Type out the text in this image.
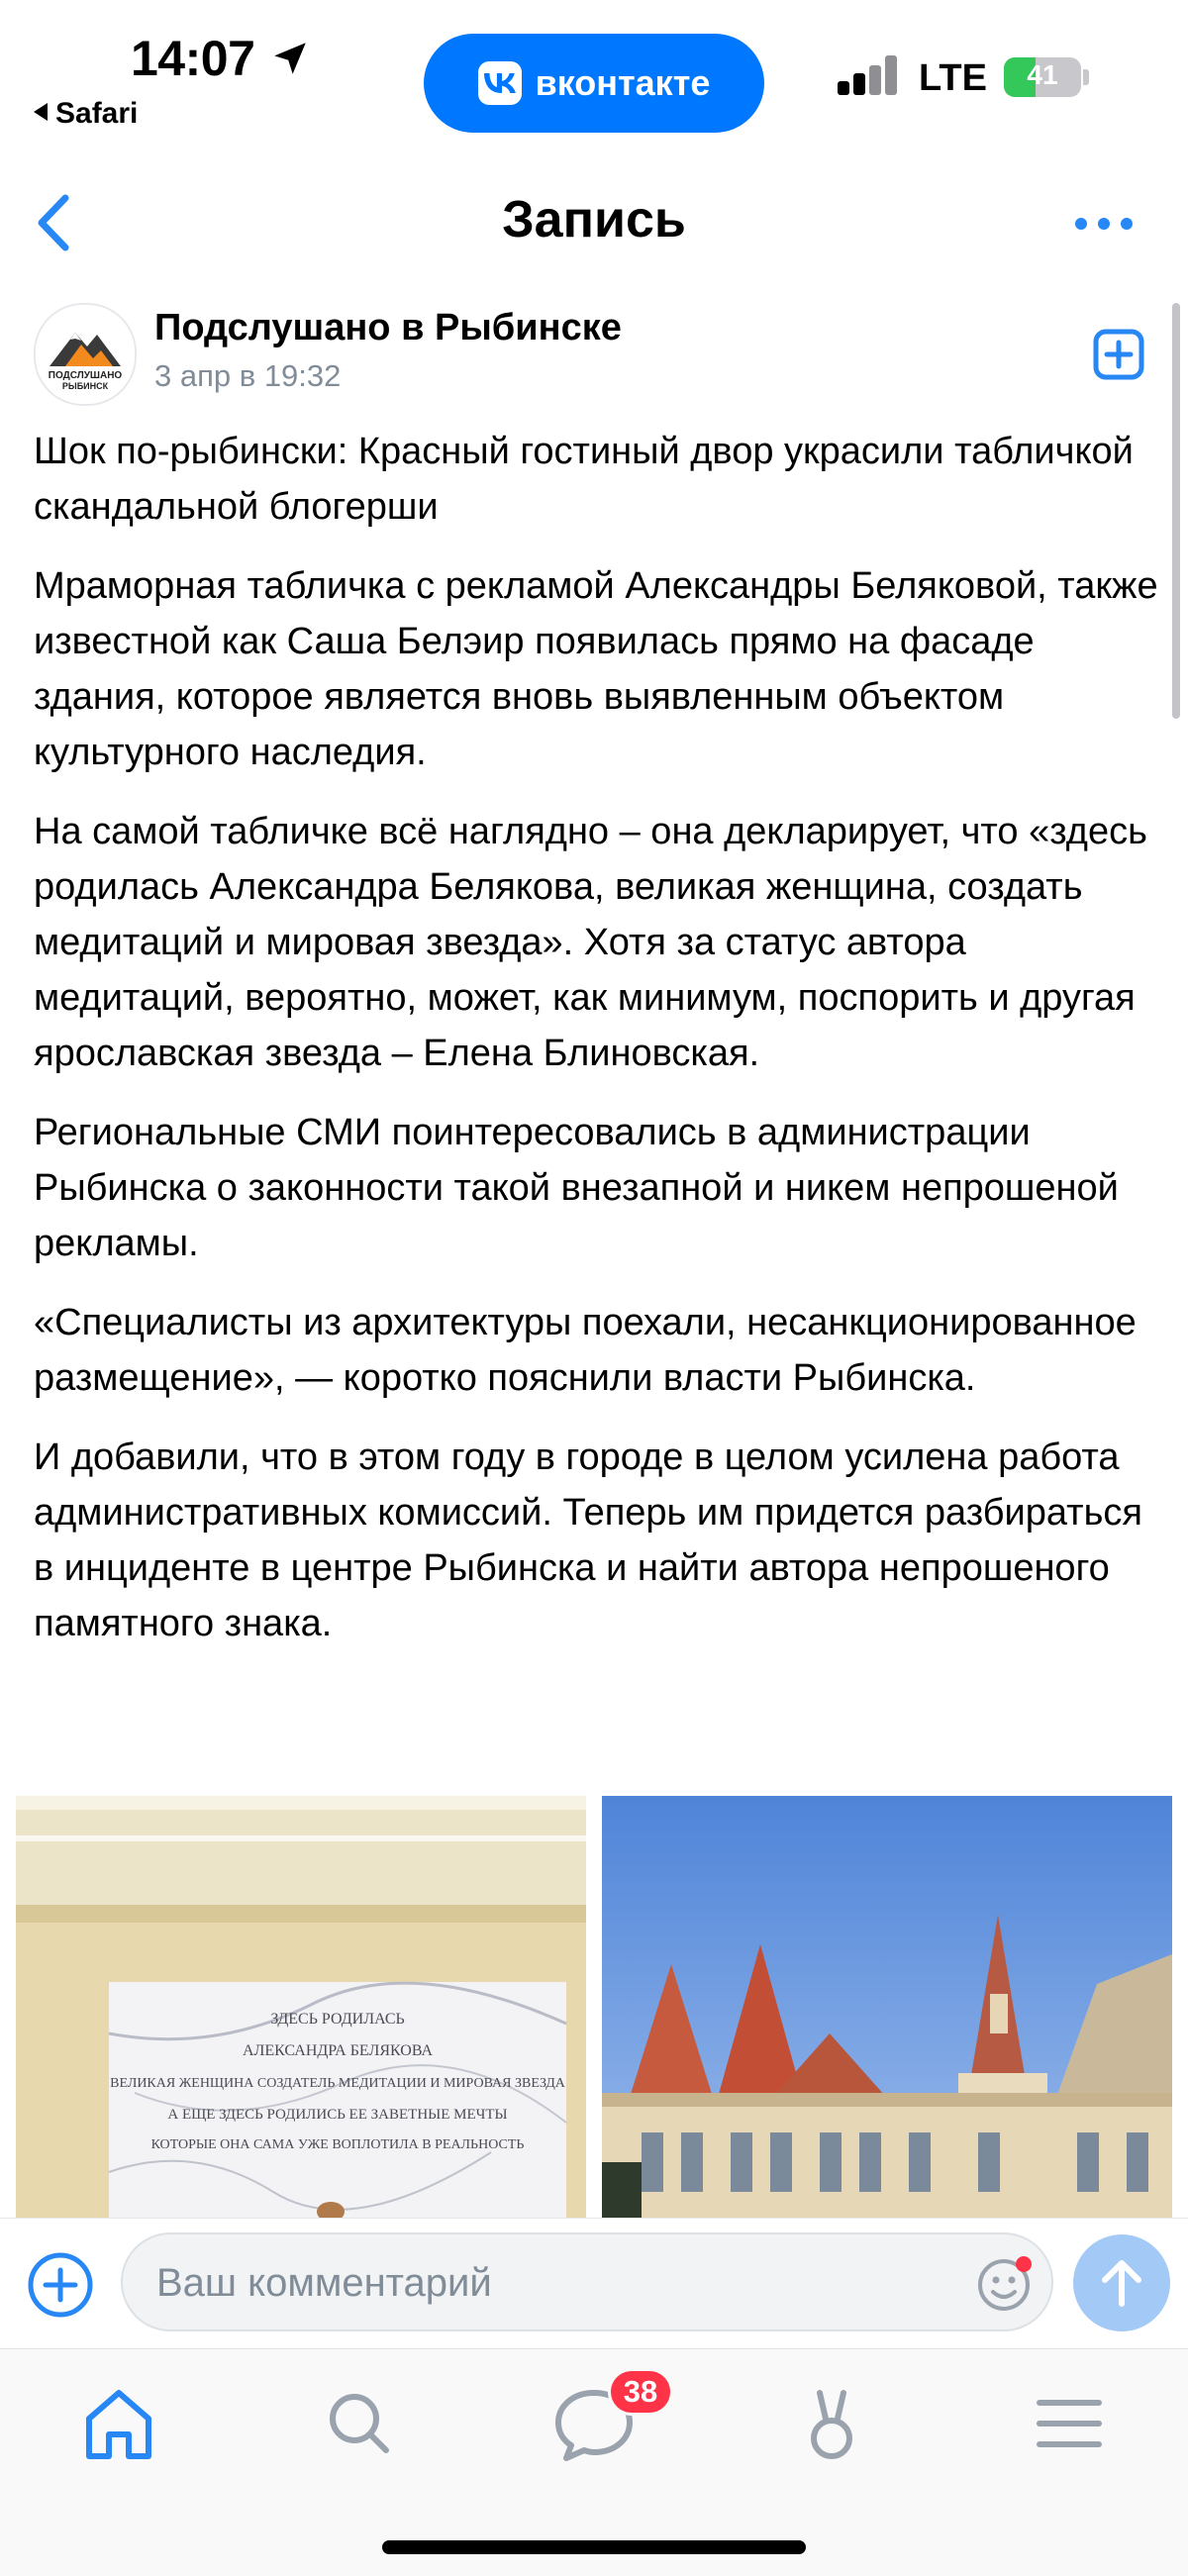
14:07
Safari
вконтакте	LTE	41
Запись
ПОДСЛУШАНО
РЫБИНСК
Подслушано в Рыбинске
3 апр в 19:32

Шок по-рыбински: Красный гостиный двор украсили табличкой скандальной блогерши

Мраморная табличка с рекламой Александры Беляковой, также известной как Саша Белэир появилась прямо на фасаде здания, которое является вновь выявленным объектом культурного наследия.

На самой табличке всё наглядно – она декларирует, что «здесь родилась Александра Белякова, великая женщина, создать медитаций и мировая звезда». Хотя за статус автора медитаций, вероятно, может, как минимум, поспорить и другая ярославская звезда – Елена Блиновская.

Региональные СМИ поинтересовались в администрации Рыбинска о законности такой внезапной и никем непрошеной рекламы.

«Специалисты из архитектуры поехали, несанкционированное размещение», — коротко пояснили власти Рыбинска.

И добавили, что в этом году в городе в целом усилена работа административных комиссий. Теперь им придется разбираться в инциденте в центре Рыбинска и найти автора непрошеного памятного знака.

ЗДЕСЬ РОДИЛАСЬ
АЛЕКСАНДРА БЕЛЯКОВА
ВЕЛИКАЯ ЖЕНЩИНА СОЗДАТЕЛЬ МЕДИТАЦИИ И МИРОВАЯ ЗВЕЗДА
А ЕЩЕ ЗДЕСЬ РОДИЛИСЬ ЕЕ ЗАВЕТНЫЕ МЕЧТЫ
КОТОРЫЕ ОНА САМА УЖЕ ВОПЛОТИЛА В РЕАЛЬНОСТЬ
Ваш комментарий
38
